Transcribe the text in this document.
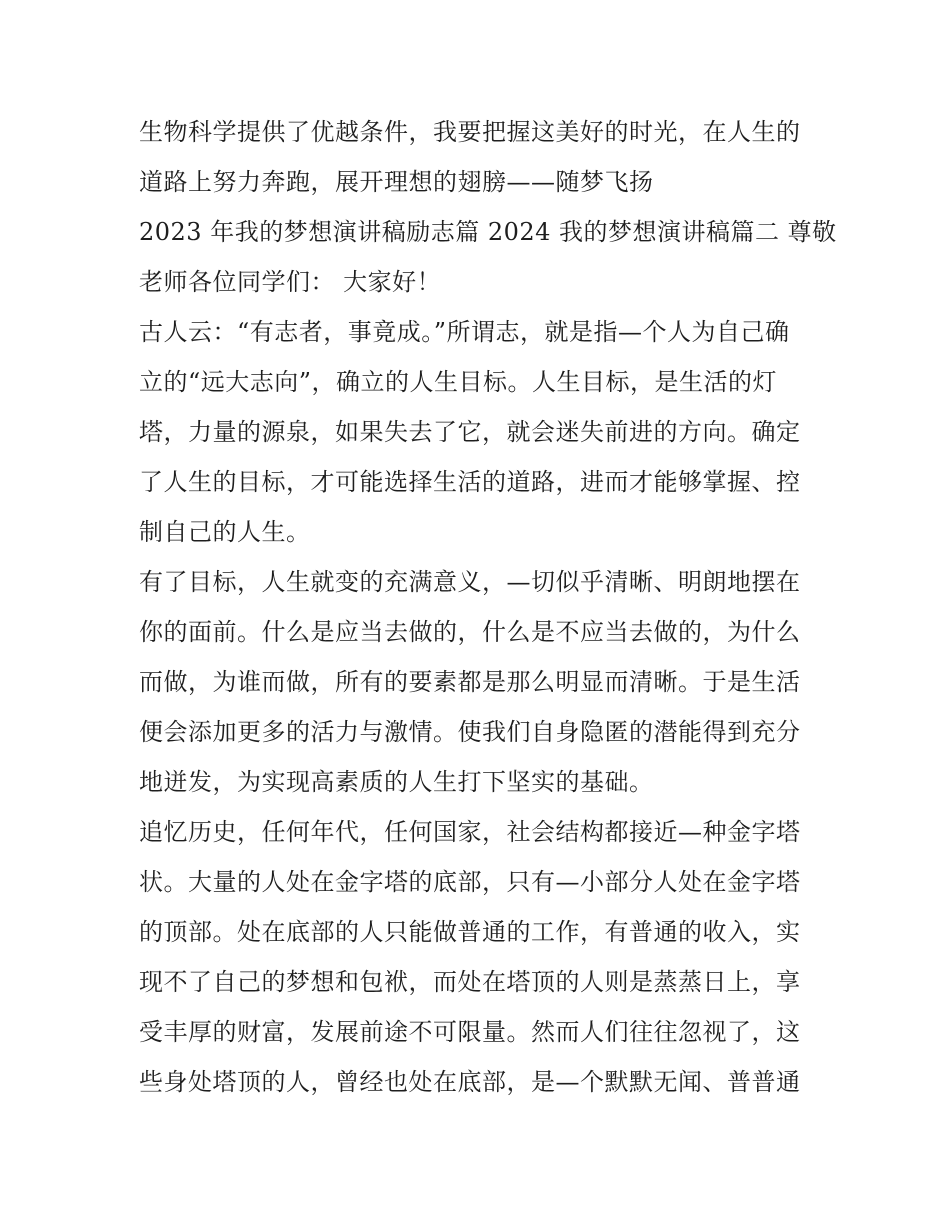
生物科学提供了优越条件，我要把握这美好的时光，在人生的
道路上努力奔跑，展开理想的翅膀——随梦飞扬
2023 年我的梦想演讲稿励志篇 2024 我的梦想演讲稿篇二 尊敬
老师各位同学们： 大家好！
古人云：“有志者，事竟成。”所谓志，就是指—个人为自己确
立的“远大志向”，确立的人生目标。人生目标，是生活的灯
塔，力量的源泉，如果失去了它，就会迷失前进的方向。确定
了人生的目标，才可能选择生活的道路，进而才能够掌握、控
制自己的人生。
有了目标，人生就变的充满意义，—切似乎清晰、明朗地摆在
你的面前。什么是应当去做的，什么是不应当去做的，为什么
而做，为谁而做，所有的要素都是那么明显而清晰。于是生活
便会添加更多的活力与激情。使我们自身隐匿的潜能得到充分
地迸发，为实现高素质的人生打下坚实的基础。
追忆历史，任何年代，任何国家，社会结构都接近—种金字塔
状。大量的人处在金字塔的底部，只有—小部分人处在金字塔
的顶部。处在底部的人只能做普通的工作，有普通的收入，实
现不了自己的梦想和包袱，而处在塔顶的人则是蒸蒸日上，享
受丰厚的财富，发展前途不可限量。然而人们往往忽视了，这
些身处塔顶的人，曾经也处在底部，是—个默默无闻、普普通
